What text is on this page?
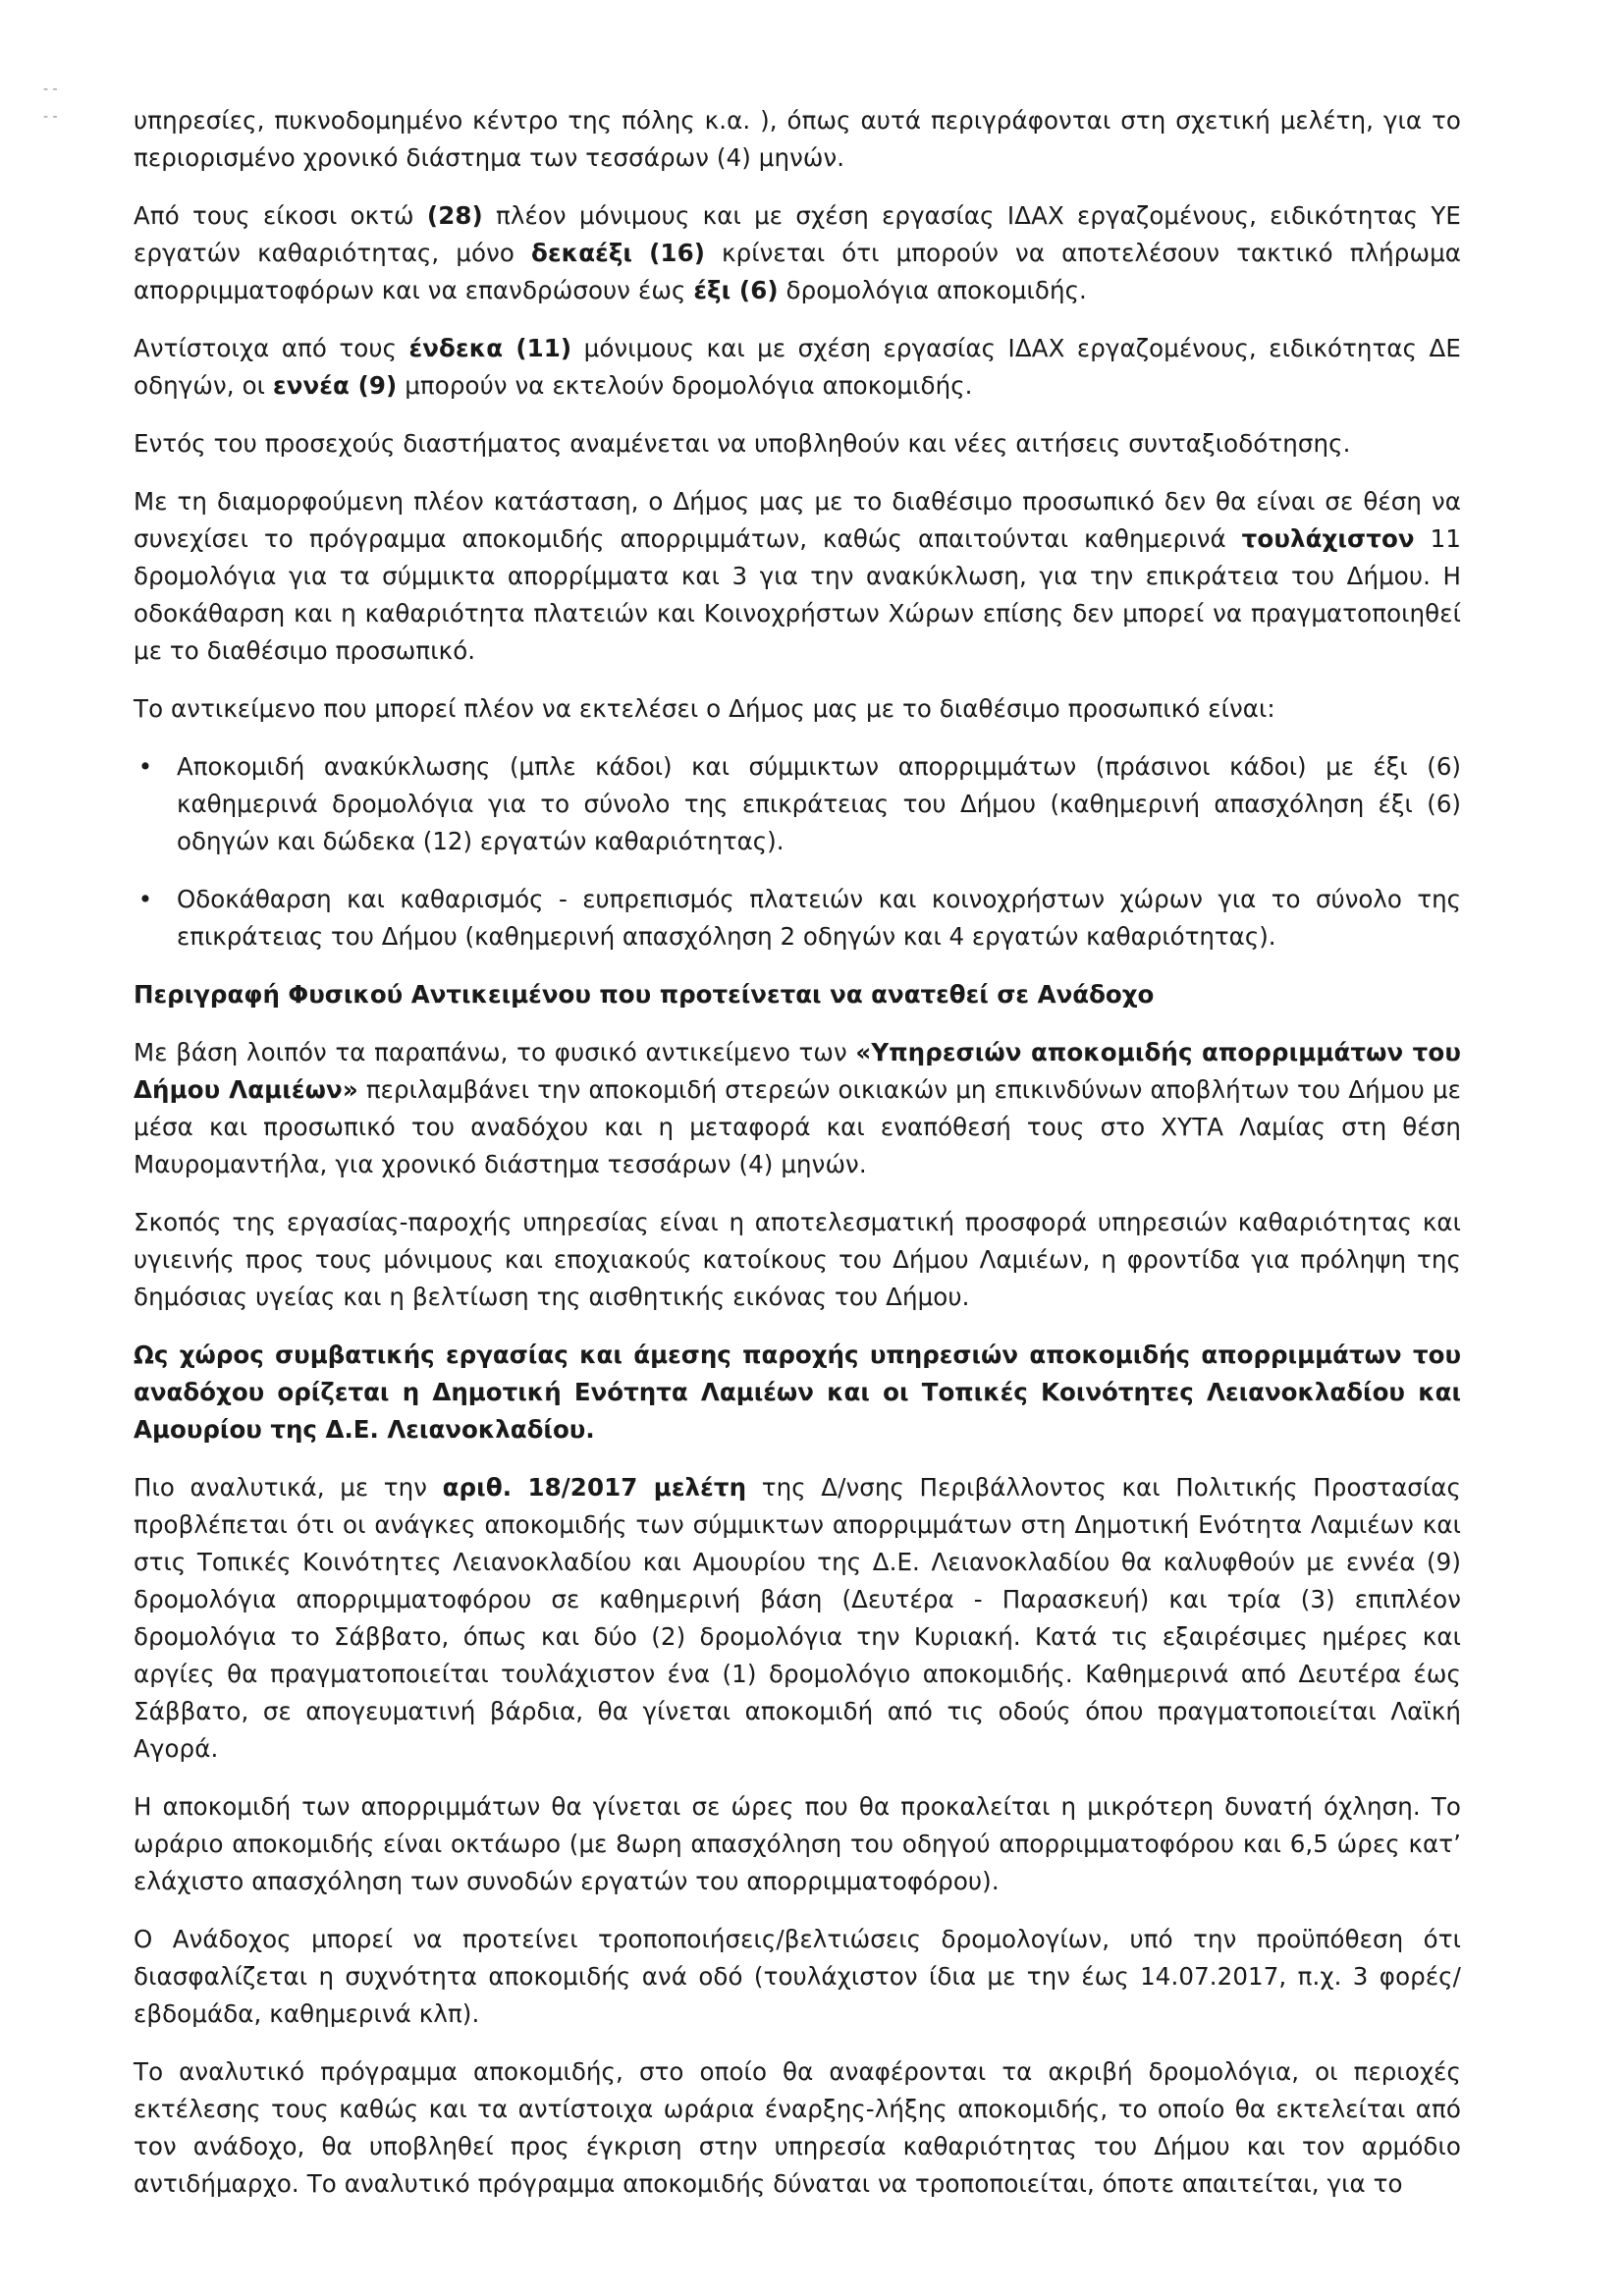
‐ ‐

‐ ‐	υπηρεσίες, πυκνοδομημένο κέντρο της πόλης κ.α. ), όπως αυτά περιγράφονται στη σχετική μελέτη, για το περιορισμένο χρονικό διάστημα των τεσσάρων (4) μηνών.

Από τους είκοσι οκτώ (28) πλέον μόνιμους και με σχέση εργασίας ΙΔΑΧ εργαζομένους, ειδικότητας ΥΕ εργατών καθαριότητας, μόνο δεκαέξι (16) κρίνεται ότι μπορούν να αποτελέσουν τακτικό πλήρωμα απορριμματοφόρων και να επανδρώσουν έως έξι (6) δρομολόγια αποκομιδής.

Αντίστοιχα από τους ένδεκα (11) μόνιμους και με σχέση εργασίας ΙΔΑΧ εργαζομένους, ειδικότητας ΔΕ οδηγών, οι εννέα (9) μπορούν να εκτελούν δρομολόγια αποκομιδής.

Εντός του προσεχούς διαστήματος αναμένεται να υποβληθούν και νέες αιτήσεις συνταξιοδότησης.

Με τη διαμορφούμενη πλέον κατάσταση, ο Δήμος μας με το διαθέσιμο προσωπικό δεν θα είναι σε θέση να συνεχίσει το πρόγραμμα αποκομιδής απορριμμάτων, καθώς απαιτούνται καθημερινά τουλάχιστον 11 δρομολόγια για τα σύμμικτα απορρίμματα και 3 για την ανακύκλωση, για την επικράτεια του Δήμου. Η οδοκάθαρση και η καθαριότητα πλατειών και Κοινοχρήστων Χώρων επίσης δεν μπορεί να πραγματοποιηθεί με το διαθέσιμο προσωπικό.

Το αντικείμενο που μπορεί πλέον να εκτελέσει ο Δήμος μας με το διαθέσιμο προσωπικό είναι:

• Αποκομιδή ανακύκλωσης (μπλε κάδοι) και σύμμικτων απορριμμάτων (πράσινοι κάδοι) με έξι (6) καθημερινά δρομολόγια για το σύνολο της επικράτειας του Δήμου (καθημερινή απασχόληση έξι (6) οδηγών και δώδεκα (12) εργατών καθαριότητας).
• Οδοκάθαρση και καθαρισμός - ευπρεπισμός πλατειών και κοινοχρήστων χώρων για το σύνολο της επικράτειας του Δήμου (καθημερινή απασχόληση 2 οδηγών και 4 εργατών καθαριότητας).

Περιγραφή Φυσικού Αντικειμένου που προτείνεται να ανατεθεί σε Ανάδοχο

Με βάση λοιπόν τα παραπάνω, το φυσικό αντικείμενο των «Υπηρεσιών αποκομιδής απορριμμάτων του Δήμου Λαμιέων» περιλαμβάνει την αποκομιδή στερεών οικιακών μη επικινδύνων αποβλήτων του Δήμου με μέσα και προσωπικό του αναδόχου και η μεταφορά και εναπόθεσή τους στο ΧΥΤΑ Λαμίας στη θέση Μαυρομαντήλα, για χρονικό διάστημα τεσσάρων (4) μηνών.

Σκοπός της εργασίας-παροχής υπηρεσίας είναι η αποτελεσματική προσφορά υπηρεσιών καθαριότητας και υγιεινής προς τους μόνιμους και εποχιακούς κατοίκους του Δήμου Λαμιέων, η φροντίδα για πρόληψη της δημόσιας υγείας και η βελτίωση της αισθητικής εικόνας του Δήμου.

Ως χώρος συμβατικής εργασίας και άμεσης παροχής υπηρεσιών αποκομιδής απορριμμάτων του αναδόχου ορίζεται η Δημοτική Ενότητα Λαμιέων και οι Τοπικές Κοινότητες Λειανοκλαδίου και Αμουρίου της Δ.Ε. Λειανοκλαδίου.

Πιο αναλυτικά, με την αριθ. 18/2017 μελέτη της Δ/νσης Περιβάλλοντος και Πολιτικής Προστασίας προβλέπεται ότι οι ανάγκες αποκομιδής των σύμμικτων απορριμμάτων στη Δημοτική Ενότητα Λαμιέων και στις Τοπικές Κοινότητες Λειανοκλαδίου και Αμουρίου της Δ.Ε. Λειανοκλαδίου θα καλυφθούν με εννέα (9) δρομολόγια απορριμματοφόρου σε καθημερινή βάση (Δευτέρα - Παρασκευή) και τρία (3) επιπλέον δρομολόγια το Σάββατο, όπως και δύο (2) δρομολόγια την Κυριακή. Κατά τις εξαιρέσιμες ημέρες και αργίες θα πραγματοποιείται τουλάχιστον ένα (1) δρομολόγιο αποκομιδής. Καθημερινά από Δευτέρα έως Σάββατο, σε απογευματινή βάρδια, θα γίνεται αποκομιδή από τις οδούς όπου πραγματοποιείται Λαϊκή Αγορά.

Η αποκομιδή των απορριμμάτων θα γίνεται σε ώρες που θα προκαλείται η μικρότερη δυνατή όχληση. Το ωράριο αποκομιδής είναι οκτάωρο (με 8ωρη απασχόληση του οδηγού απορριμματοφόρου και 6,5 ώρες κατ’ ελάχιστο απασχόληση των συνοδών εργατών του απορριμματοφόρου).

Ο Ανάδοχος μπορεί να προτείνει τροποποιήσεις/βελτιώσεις δρομολογίων, υπό την προϋπόθεση ότι διασφαλίζεται η συχνότητα αποκομιδής ανά οδό (τουλάχιστον ίδια με την έως 14.07.2017, π.χ. 3 φορές/εβδομάδα, καθημερινά κλπ).

Το αναλυτικό πρόγραμμα αποκομιδής, στο οποίο θα αναφέρονται τα ακριβή δρομολόγια, οι περιοχές εκτέλεσης τους καθώς και τα αντίστοιχα ωράρια έναρξης-λήξης αποκομιδής, το οποίο θα εκτελείται από τον ανάδοχο, θα υποβληθεί προς έγκριση στην υπηρεσία καθαριότητας του Δήμου και τον αρμόδιο αντιδήμαρχο. Το αναλυτικό πρόγραμμα αποκομιδής δύναται να τροποποιείται, όποτε απαιτείται, για το
